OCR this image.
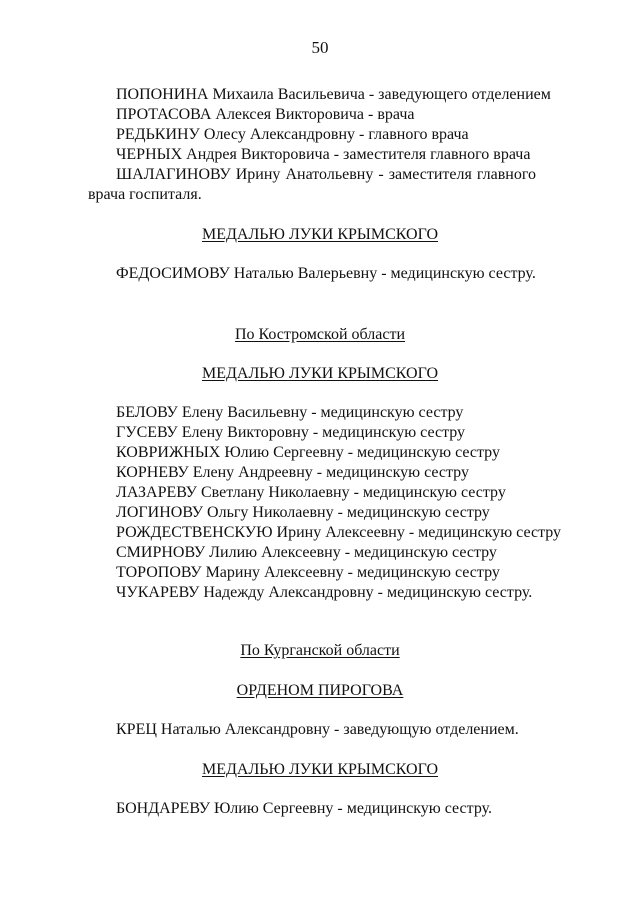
50
ПОПОНИНА Михаила Васильевича - заведующего отделением
ПРОТАСОВА Алексея Викторовича - врача
РЕДЬКИНУ Олесу Александровну - главного врача
ЧЕРНЫХ Андрея Викторовича - заместителя главного врача
ШАЛАГИНОВУ Ирину Анатольевну - заместителя главного
врача госпиталя.
МЕДАЛЬЮ ЛУКИ КРЫМСКОГО
ФЕДОСИМОВУ Наталью Валерьевну - медицинскую сестру.
По Костромской области
МЕДАЛЬЮ ЛУКИ КРЫМСКОГО
БЕЛОВУ Елену Васильевну - медицинскую сестру
ГУСЕВУ Елену Викторовну - медицинскую сестру
КОВРИЖНЫХ Юлию Сергеевну - медицинскую сестру
КОРНЕВУ Елену Андреевну - медицинскую сестру
ЛАЗАРЕВУ Светлану Николаевну - медицинскую сестру
ЛОГИНОВУ Ольгу Николаевну - медицинскую сестру
РОЖДЕСТВЕНСКУЮ Ирину Алексеевну - медицинскую сестру
СМИРНОВУ Лилию Алексеевну - медицинскую сестру
ТОРОПОВУ Марину Алексеевну - медицинскую сестру
ЧУКАРЕВУ Надежду Александровну - медицинскую сестру.
По Курганской области
ОРДЕНОМ ПИРОГОВА
КРЕЦ Наталью Александровну - заведующую отделением.
МЕДАЛЬЮ ЛУКИ КРЫМСКОГО
БОНДАРЕВУ Юлию Сергеевну - медицинскую сестру.
